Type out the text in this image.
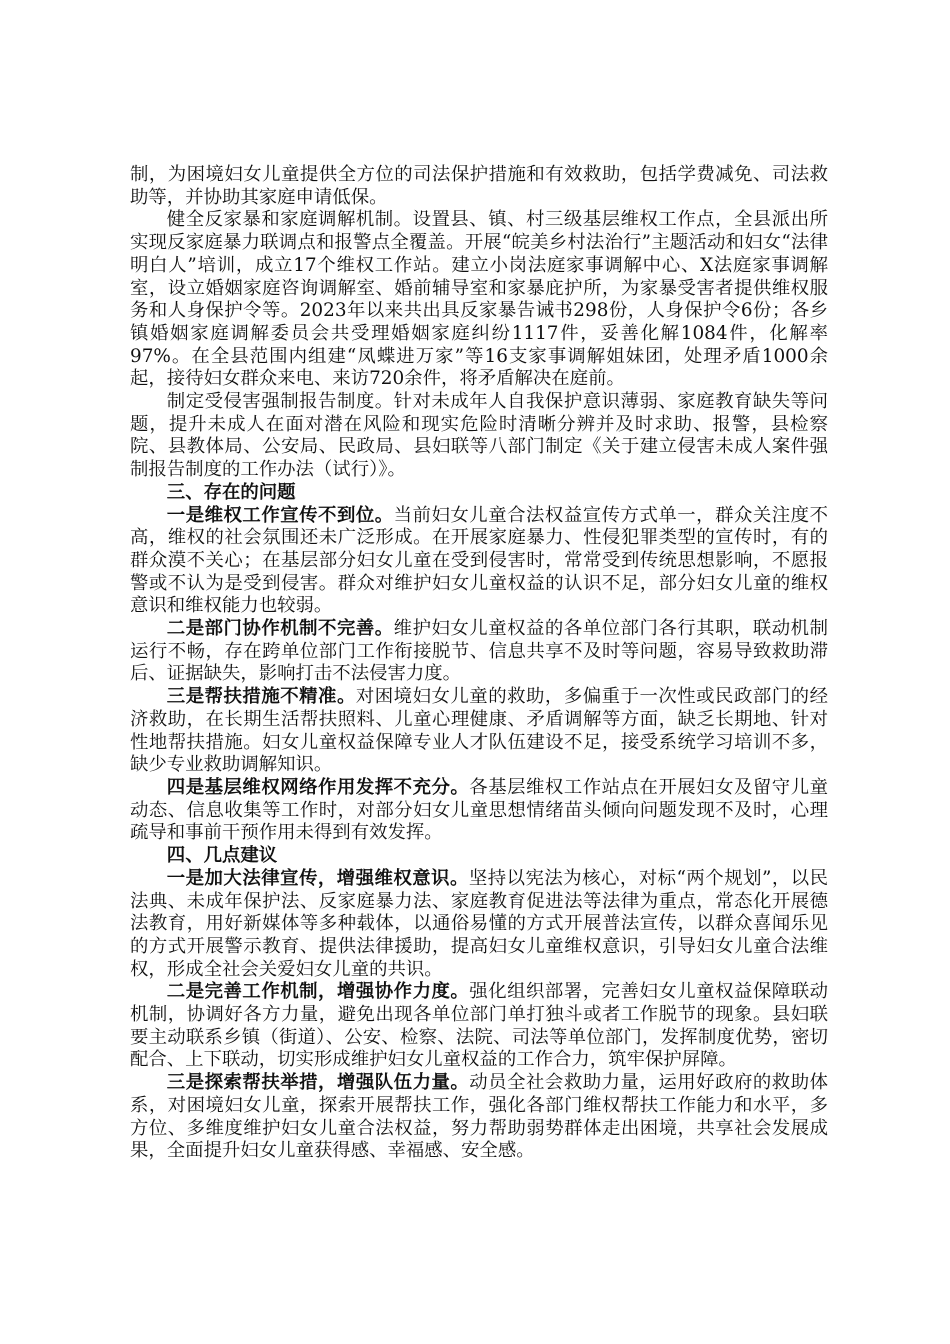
制，为困境妇女儿童提供全方位的司法保护措施和有效救助，包括学费减免、司法救助等，并协助其家庭申请低保。

健全反家暴和家庭调解机制。设置县、镇、村三级基层维权工作点，全县派出所实现反家庭暴力联调点和报警点全覆盖。开展“皖美乡村法治行”主题活动和妇女“法律明白人”培训，成立17个维权工作站。建立小岗法庭家事调解中心、X法庭家事调解室，设立婚姻家庭咨询调解室、婚前辅导室和家暴庇护所，为家暴受害者提供维权服务和人身保护令等。2023年以来共出具反家暴告诫书298份，人身保护令6份；各乡镇婚姻家庭调解委员会共受理婚姻家庭纠纷1117件，妥善化解1084件，化解率97%。在全县范围内组建“凤蝶进万家”等16支家事调解姐妹团，处理矛盾1000余起，接待妇女群众来电、来访720余件，将矛盾解决在庭前。

制定受侵害强制报告制度。针对未成年人自我保护意识薄弱、家庭教育缺失等问题，提升未成人在面对潜在风险和现实危险时清晰分辨并及时求助、报警，县检察院、县教体局、公安局、民政局、县妇联等八部门制定《关于建立侵害未成人案件强制报告制度的工作办法（试行）》。

三、存在的问题

一是维权工作宣传不到位。当前妇女儿童合法权益宣传方式单一，群众关注度不高，维权的社会氛围还未广泛形成。在开展家庭暴力、性侵犯罪类型的宣传时，有的群众漠不关心；在基层部分妇女儿童在受到侵害时，常常受到传统思想影响，不愿报警或不认为是受到侵害。群众对维护妇女儿童权益的认识不足，部分妇女儿童的维权意识和维权能力也较弱。

二是部门协作机制不完善。维护妇女儿童权益的各单位部门各行其职，联动机制运行不畅，存在跨单位部门工作衔接脱节、信息共享不及时等问题，容易导致救助滞后、证据缺失，影响打击不法侵害力度。

三是帮扶措施不精准。对困境妇女儿童的救助，多偏重于一次性或民政部门的经济救助，在长期生活帮扶照料、儿童心理健康、矛盾调解等方面，缺乏长期地、针对性地帮扶措施。妇女儿童权益保障专业人才队伍建设不足，接受系统学习培训不多，缺少专业救助调解知识。

四是基层维权网络作用发挥不充分。各基层维权工作站点在开展妇女及留守儿童动态、信息收集等工作时，对部分妇女儿童思想情绪苗头倾向问题发现不及时，心理疏导和事前干预作用未得到有效发挥。

四、几点建议

一是加大法律宣传，增强维权意识。坚持以宪法为核心，对标“两个规划”，以民法典、未成年保护法、反家庭暴力法、家庭教育促进法等法律为重点，常态化开展德法教育，用好新媒体等多种载体，以通俗易懂的方式开展普法宣传，以群众喜闻乐见的方式开展警示教育、提供法律援助，提高妇女儿童维权意识，引导妇女儿童合法维权，形成全社会关爱妇女儿童的共识。

二是完善工作机制，增强协作力度。强化组织部署，完善妇女儿童权益保障联动机制，协调好各方力量，避免出现各单位部门单打独斗或者工作脱节的现象。县妇联要主动联系乡镇（街道）、公安、检察、法院、司法等单位部门，发挥制度优势，密切配合、上下联动，切实形成维护妇女儿童权益的工作合力，筑牢保护屏障。

三是探索帮扶举措，增强队伍力量。动员全社会救助力量，运用好政府的救助体系，对困境妇女儿童，探索开展帮扶工作，强化各部门维权帮扶工作能力和水平，多方位、多维度维护妇女儿童合法权益，努力帮助弱势群体走出困境，共享社会发展成果，全面提升妇女儿童获得感、幸福感、安全感。
